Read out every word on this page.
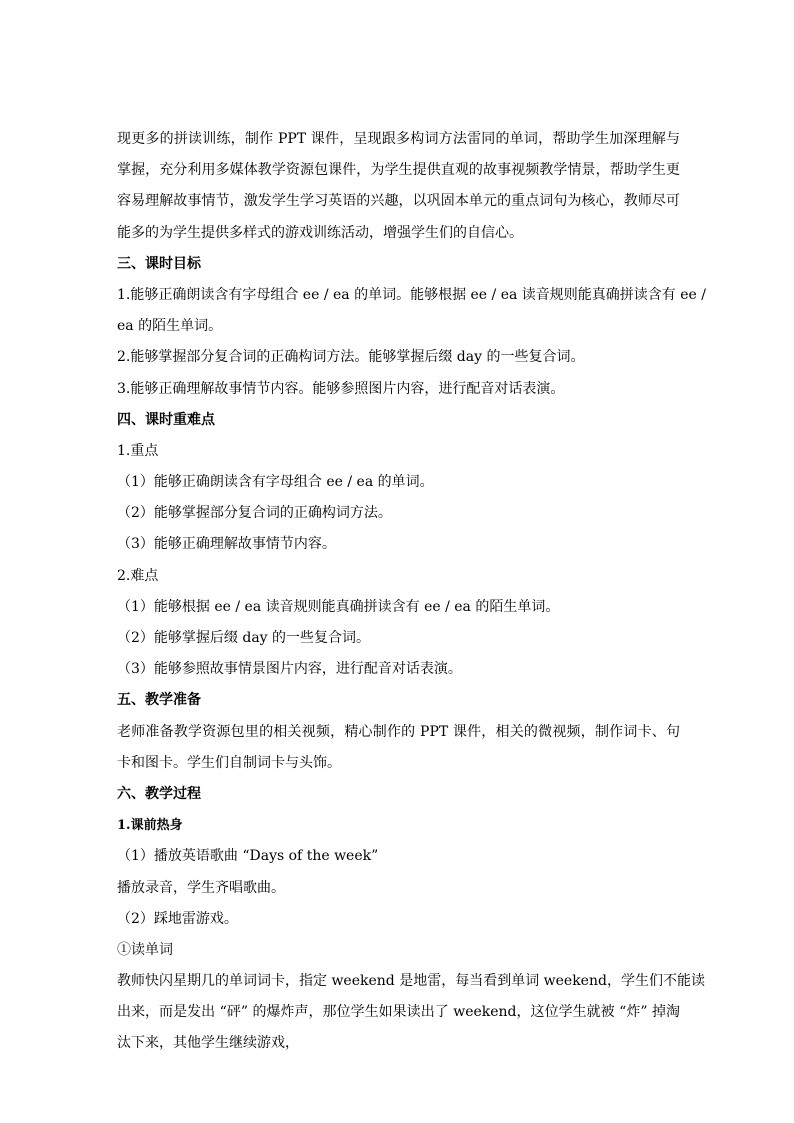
现更多的拼读训练，制作 PPT 课件，呈现跟多构词方法雷同的单词，帮助学生加深理解与
掌握，充分利用多媒体教学资源包课件，为学生提供直观的故事视频教学情景，帮助学生更
容易理解故事情节，激发学生学习英语的兴趣，以巩固本单元的重点词句为核心，教师尽可
能多的为学生提供多样式的游戏训练活动，增强学生们的自信心。
三、课时目标
1.能够正确朗读含有字母组合 ee / ea 的单词。能够根据 ee / ea 读音规则能真确拼读含有 ee /
ea 的陌生单词。
2.能够掌握部分复合词的正确构词方法。能够掌握后缀 day 的一些复合词。
3.能够正确理解故事情节内容。能够参照图片内容，进行配音对话表演。
四、课时重难点
1.重点
（1）能够正确朗读含有字母组合 ee / ea 的单词。
（2）能够掌握部分复合词的正确构词方法。
（3）能够正确理解故事情节内容。
2.难点
（1）能够根据 ee / ea 读音规则能真确拼读含有 ee / ea 的陌生单词。
（2）能够掌握后缀 day 的一些复合词。
（3）能够参照故事情景图片内容，进行配音对话表演。
五、教学准备
老师准备教学资源包里的相关视频，精心制作的 PPT 课件，相关的微视频，制作词卡、句
卡和图卡。学生们自制词卡与头饰。
六、教学过程
1.课前热身
（1）播放英语歌曲 “Days of the week”
播放录音，学生齐唱歌曲。
（2）踩地雷游戏。
①读单词
教师快闪星期几的单词词卡，指定 weekend 是地雷，每当看到单词 weekend，学生们不能读
出来，而是发出 “砰” 的爆炸声，那位学生如果读出了 weekend，这位学生就被 “炸” 掉淘
汰下来，其他学生继续游戏，
